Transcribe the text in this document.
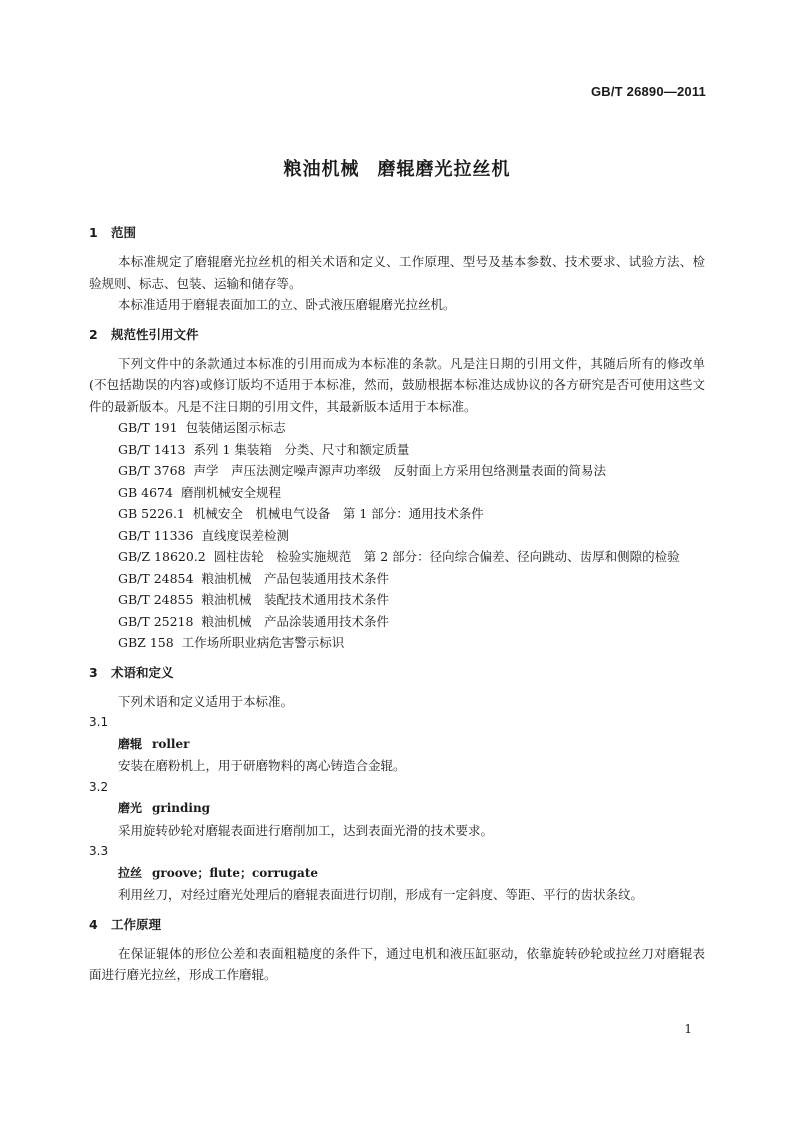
GB/T 26890—2011
粮油机械 磨辊磨光拉丝机
1 范围

本标准规定了磨辊磨光拉丝机的相关术语和定义、工作原理、型号及基本参数、技术要求、试验方法、检验规则、标志、包装、运输和储存等。

本标准适用于磨辊表面加工的立、卧式液压磨辊磨光拉丝机。

2 规范性引用文件

下列文件中的条款通过本标准的引用而成为本标准的条款。凡是注日期的引用文件，其随后所有的修改单(不包括勘误的内容)或修订版均不适用于本标准，然而，鼓励根据本标准达成协议的各方研究是否可使用这些文件的最新版本。凡是不注日期的引用文件，其最新版本适用于本标准。

GB/T 191 包装储运图示标志

GB/T 1413 系列 1 集装箱　分类、尺寸和额定质量

GB/T 3768 声学　声压法测定噪声源声功率级　反射面上方采用包络测量表面的简易法

GB 4674 磨削机械安全规程

GB 5226.1 机械安全　机械电气设备　第 1 部分：通用技术条件

GB/T 11336 直线度误差检测

GB/Z 18620.2 圆柱齿轮　检验实施规范　第 2 部分：径向综合偏差、径向跳动、齿厚和侧隙的检验

GB/T 24854 粮油机械　产品包装通用技术条件

GB/T 24855 粮油机械　装配技术通用技术条件

GB/T 25218 粮油机械　产品涂装通用技术条件

GBZ 158 工作场所职业病危害警示标识

3 术语和定义

下列术语和定义适用于本标准。

3.1
磨辊 roller

安装在磨粉机上，用于研磨物料的离心铸造合金辊。

3.2
磨光 grinding

采用旋转砂轮对磨辊表面进行磨削加工，达到表面光滑的技术要求。

3.3
拉丝 groove；flute；corrugate

利用丝刀，对经过磨光处理后的磨辊表面进行切削，形成有一定斜度、等距、平行的齿状条纹。

4 工作原理

在保证辊体的形位公差和表面粗糙度的条件下，通过电机和液压缸驱动，依靠旋转砂轮或拉丝刀对磨辊表面进行磨光拉丝，形成工作磨辊。

1
